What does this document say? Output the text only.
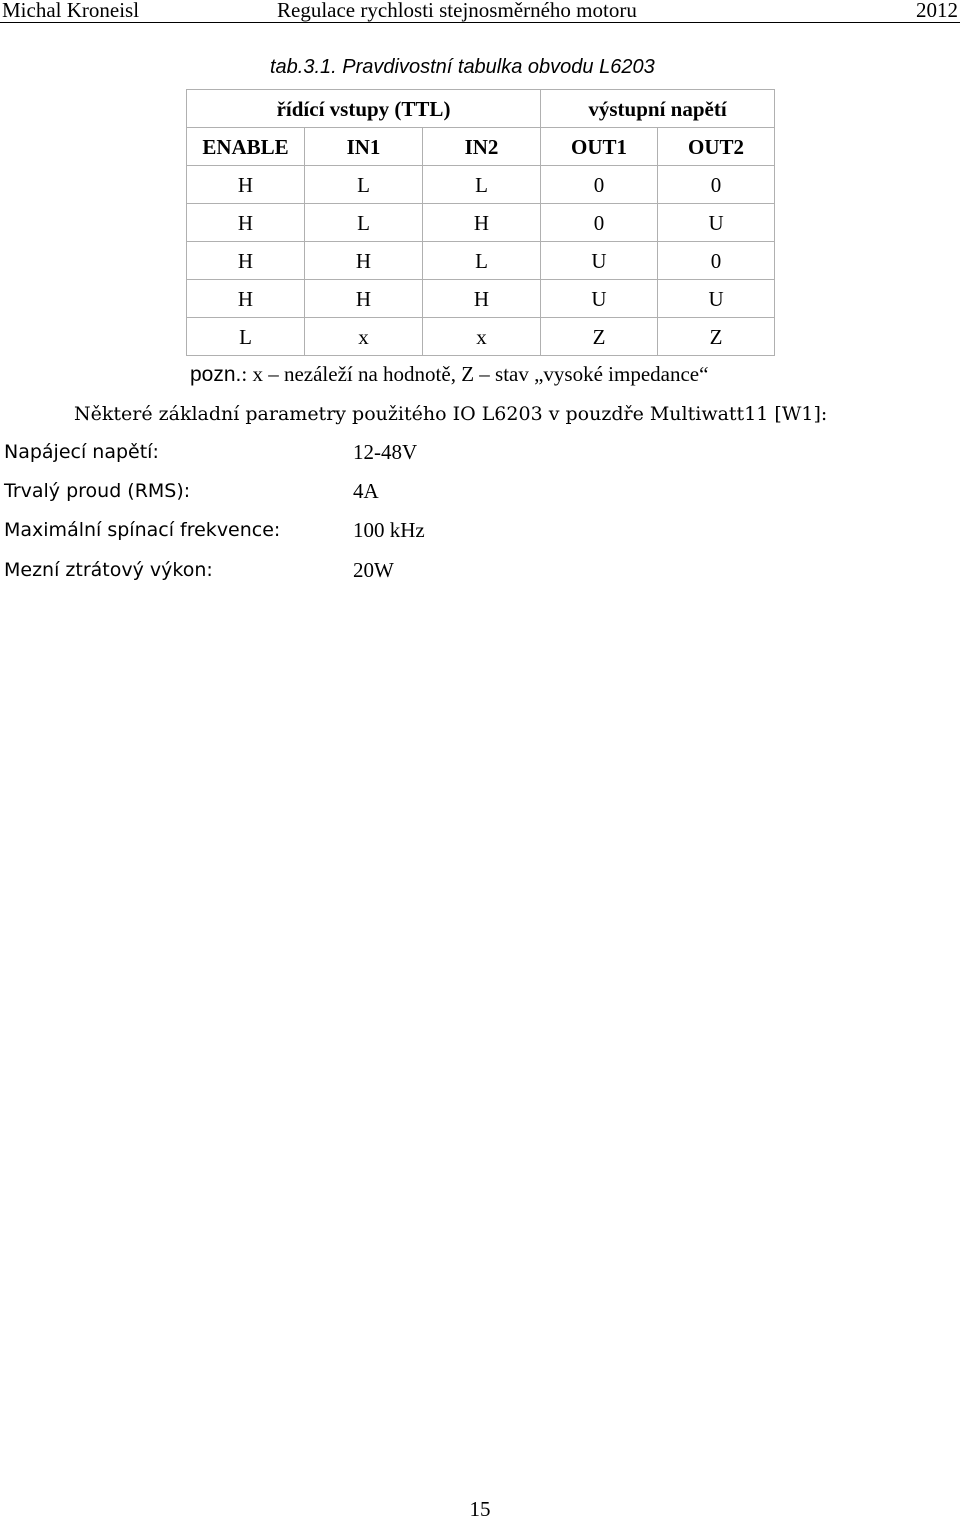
Michal Kroneisl	Regulace rychlosti stejnosměrného motoru	2012
tab.3.1. Pravdivostní tabulka obvodu L6203
řídící vstupy (TTL)			výstupní napětí	
ENABLE	IN1	IN2	OUT1	OUT2
H	L	L	0	0
H	L	H	0	U
H	H	L	U	0
H	H	H	U	U
L	x	x	Z	Z
pozn.: x – nezáleží na hodnotě, Z – stav „vysoké impedance“
Některé základní parametry použitého IO L6203 v pouzdře Multiwatt11 [W1]:
Napájecí napětí:	12-48V
Trvalý proud (RMS):	4A
Maximální spínací frekvence:	100 kHz
Mezní ztrátový výkon:	20W
15
